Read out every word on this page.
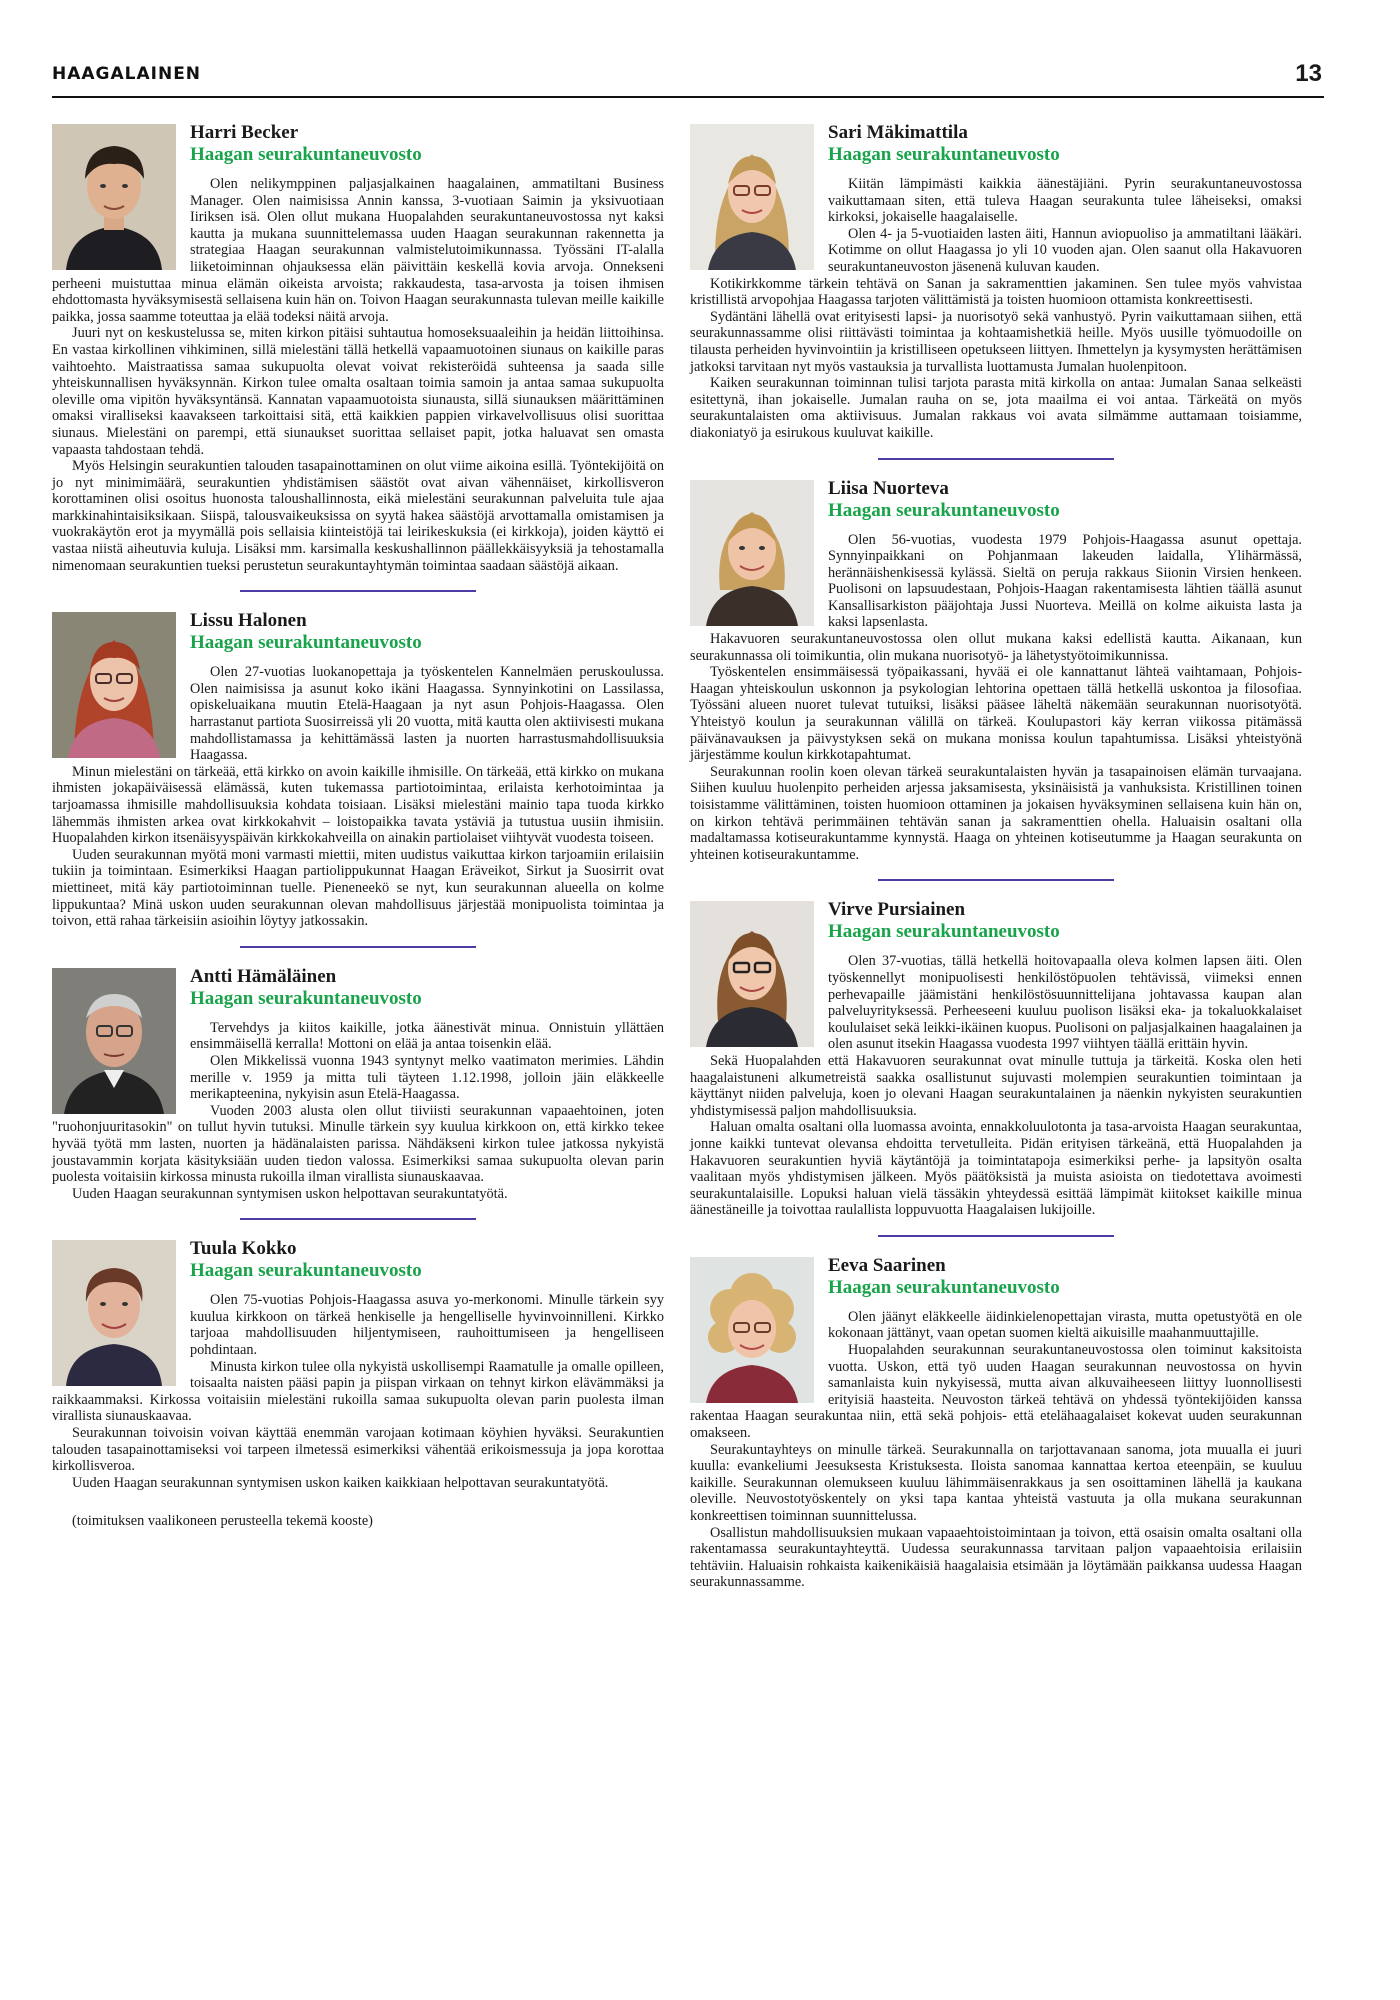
HAAGALAINEN	13
Harri Becker
Haagan seurakuntaneuvosto

Olen nelikymppinen paljasjalkainen haagalainen, ammatiltani Business Manager. Olen naimisissa Annin kanssa, 3-vuotiaan Saimin ja yksivuotiaan Iiriksen isä. Olen ollut mukana Huopalahden seurakuntaneuvostossa nyt kaksi kautta ja mukana suunnittelemassa uuden Haagan seurakunnan rakennetta ja strategiaa Haagan seurakunnan valmistelutoimikunnassa. Työssäni IT-alalla liiketoiminnan ohjauksessa elän päivittäin keskellä kovia arvoja. Onnekseni perheeni muistuttaa minua elämän oikeista arvoista; rakkaudesta, tasa-arvosta ja toisen ihmisen ehdottomasta hyväksymisestä sellaisena kuin hän on. Toivon Haagan seurakunnasta tulevan meille kaikille paikka, jossa saamme toteuttaa ja elää todeksi näitä arvoja.

Juuri nyt on keskustelussa se, miten kirkon pitäisi suhtautua homoseksuaaleihin ja heidän liittoihinsa. En vastaa kirkollinen vihkiminen, sillä mielestäni tällä hetkellä vapaamuotoinen siunaus on kaikille paras vaihtoehto. Maistraatissa samaa sukupuolta olevat voivat rekisteröidä suhteensa ja saada sille yhteiskunnallisen hyväksynnän. Kirkon tulee omalta osaltaan toimia samoin ja antaa samaa sukupuolta oleville oma vipitön hyväksyntänsä. Kannatan vapaamuotoista siunausta, sillä siunauksen määrittäminen omaksi viralliseksi kaavakseen tarkoittaisi sitä, että kaikkien pappien virkavelvollisuus olisi suorittaa siunaus. Mielestäni on parempi, että siunaukset suorittaa sellaiset papit, jotka haluavat sen omasta vapaasta tahdostaan tehdä.

Myös Helsingin seurakuntien talouden tasapainottaminen on olut viime aikoina esillä. Työntekijöitä on jo nyt minimimäärä, seurakuntien yhdistämisen säästöt ovat aivan vähennäiset, kirkollisveron korottaminen olisi osoitus huonosta taloushallinnosta, eikä mielestäni seurakunnan palveluita tule ajaa markkinahintaisiksikaan. Siispä, talousvaikeuksissa on syytä hakea säästöjä arvottamalla omistamisen ja vuokrakäytön erot ja myymällä pois sellaisia kiinteistöjä tai leirikeskuksia (ei kirkkoja), joiden käyttö ei vastaa niistä aiheutuvia kuluja. Lisäksi mm. karsimalla keskushallinnon päällekkäisyyksiä ja tehostamalla nimenomaan seurakuntien tueksi perustetun seurakuntayhtymän toimintaa saadaan säästöjä aikaan.

Lissu Halonen
Haagan seurakuntaneuvosto

Olen 27-vuotias luokanopettaja ja työskentelen Kannelmäen peruskoulussa. Olen naimisissa ja asunut koko ikäni Haagassa. Synnyinkotini on Lassilassa, opiskeluaikana muutin Etelä-Haagaan ja nyt asun Pohjois-Haagassa. Olen harrastanut partiota Suosirreissä yli 20 vuotta, mitä kautta olen aktiivisesti mukana mahdollistamassa ja kehittämässä lasten ja nuorten harrastusmahdollisuuksia Haagassa.

Minun mielestäni on tärkeää, että kirkko on avoin kaikille ihmisille. On tärkeää, että kirkko on mukana ihmisten jokapäiväisessä elämässä, kuten tukemassa partiotoimintaa, erilaista kerhotoimintaa ja tarjoamassa ihmisille mahdollisuuksia kohdata toisiaan. Lisäksi mielestäni mainio tapa tuoda kirkko lähemmäs ihmisten arkea ovat kirkkokahvit – loistopaikka tavata ystäviä ja tutustua uusiin ihmisiin. Huopalahden kirkon itsenäisyyspäivän kirkkokahveilla on ainakin partiolaiset viihtyvät vuodesta toiseen.

Uuden seurakunnan myötä moni varmasti miettii, miten uudistus vaikuttaa kirkon tarjoamiin erilaisiin tukiin ja toimintaan. Esimerkiksi Haagan partiolippukunnat Haagan Eräveikot, Sirkut ja Suosirrit ovat miettineet, mitä käy partiotoiminnan tuelle. Pieneneekö se nyt, kun seurakunnan alueella on kolme lippukuntaa? Minä uskon uuden seurakunnan olevan mahdollisuus järjestää monipuolista toimintaa ja toivon, että rahaa tärkeisiin asioihin löytyy jatkossakin.

Antti Hämäläinen
Haagan seurakuntaneuvosto

Tervehdys ja kiitos kaikille, jotka äänestivät minua. Onnistuin yllättäen ensimmäisellä kerralla! Mottoni on elää ja antaa toisenkin elää.

Olen Mikkelissä vuonna 1943 syntynyt melko vaatimaton merimies. Lähdin merille v. 1959 ja mitta tuli täyteen 1.12.1998, jolloin jäin eläkkeelle merikapteenina, nykyisin asun Etelä-Haagassa.

Vuoden 2003 alusta olen ollut tiiviisti seurakunnan vapaaehtoinen, joten "ruohonjuuritasokin" on tullut hyvin tutuksi. Minulle tärkein syy kuulua kirkkoon on, että kirkko tekee hyvää työtä mm lasten, nuorten ja hädänalaisten parissa. Nähdäkseni kirkon tulee jatkossa nykyistä joustavammin korjata käsityksiään uuden tiedon valossa. Esimerkiksi samaa sukupuolta olevan parin puolesta voitaisiin kirkossa minusta rukoilla ilman virallista siunauskaavaa.

Uuden Haagan seurakunnan syntymisen uskon helpottavan seurakuntatyötä.

Tuula Kokko
Haagan seurakuntaneuvosto

Olen 75-vuotias Pohjois-Haagassa asuva yo-merkonomi. Minulle tärkein syy kuulua kirkkoon on tärkeä henkiselle ja hengelliselle hyvinvoinnilleni. Kirkko tarjoaa mahdollisuuden hiljentymiseen, rauhoittumiseen ja hengelliseen pohdintaan.

Minusta kirkon tulee olla nykyistä uskollisempi Raamatulle ja omalle opilleen, toisaalta naisten pääsi papin ja piispan virkaan on tehnyt kirkon elävämmäksi ja raikkaammaksi. Kirkossa voitaisiin mielestäni rukoilla samaa sukupuolta olevan parin puolesta ilman virallista siunauskaavaa.

Seurakunnan toivoisin voivan käyttää enemmän varojaan kotimaan köyhien hyväksi. Seurakuntien talouden tasapainottamiseksi voi tarpeen ilmetessä esimerkiksi vähentää erikoismessuja ja jopa korottaa kirkollisveroa.

Uuden Haagan seurakunnan syntymisen uskon kaiken kaikkiaan helpottavan seurakuntatyötä.

(toimituksen vaalikoneen perusteella tekemä kooste)
Sari Mäkimattila
Haagan seurakuntaneuvosto

Kiitän lämpimästi kaikkia äänestäjiäni. Pyrin seurakuntaneuvostossa vaikuttamaan siten, että tuleva Haagan seurakunta tulee läheiseksi, omaksi kirkoksi, jokaiselle haagalaiselle.

Olen 4- ja 5-vuotiaiden lasten äiti, Hannun aviopuoliso ja ammatiltani lääkäri. Kotimme on ollut Haagassa jo yli 10 vuoden ajan. Olen saanut olla Hakavuoren seurakuntaneuvoston jäsenenä kuluvan kauden.

Kotikirkkomme tärkein tehtävä on Sanan ja sakramenttien jakaminen. Sen tulee myös vahvistaa kristillistä arvopohjaa Haagassa tarjoten välittämistä ja toisten huomioon ottamista konkreettisesti.

Sydäntäni lähellä ovat erityisesti lapsi- ja nuorisotyö sekä vanhustyö. Pyrin vaikuttamaan siihen, että seurakunnassamme olisi riittävästi toimintaa ja kohtaamishetkiä heille. Myös uusille työmuodoille on tilausta perheiden hyvinvointiin ja kristilliseen opetukseen liittyen. Ihmettelyn ja kysymysten herättämisen jatkoksi tarvitaan nyt myös vastauksia ja turvallista luottamusta Jumalan huolenpitoon.

Kaiken seurakunnan toiminnan tulisi tarjota parasta mitä kirkolla on antaa: Jumalan Sanaa selkeästi esitettynä, ihan jokaiselle. Jumalan rauha on se, jota maailma ei voi antaa. Tärkeätä on myös seurakuntalaisten oma aktiivisuus. Jumalan rakkaus voi avata silmämme auttamaan toisiamme, diakoniatyö ja esirukous kuuluvat kaikille.

Liisa Nuorteva
Haagan seurakuntaneuvosto

Olen 56-vuotias, vuodesta 1979 Pohjois-Haagassa asunut opettaja. Synnyinpaikkani on Pohjanmaan lakeuden laidalla, Ylihärmässä, herännäishenkisessä kylässä. Sieltä on peruja rakkaus Siionin Virsien henkeen. Puolisoni on lapsuudestaan, Pohjois-Haagan rakentamisesta lähtien täällä asunut Kansallisarkiston pääjohtaja Jussi Nuorteva. Meillä on kolme aikuista lasta ja kaksi lapsenlasta.

Hakavuoren seurakuntaneuvostossa olen ollut mukana kaksi edellistä kautta. Aikanaan, kun seurakunnassa oli toimikuntia, olin mukana nuorisotyö- ja lähetystyötoimikunnissa.

Työskentelen ensimmäisessä työpaikassani, hyvää ei ole kannattanut lähteä vaihtamaan, Pohjois-Haagan yhteiskoulun uskonnon ja psykologian lehtorina opettaen tällä hetkellä uskontoa ja filosofiaa. Työssäni alueen nuoret tulevat tutuiksi, lisäksi pääsee läheltä näkemään seurakunnan nuorisotyötä. Yhteistyö koulun ja seurakunnan välillä on tärkeä. Koulupastori käy kerran viikossa pitämässä päivänavauksen ja päivystyksen sekä on mukana monissa koulun tapahtumissa. Lisäksi yhteistyönä järjestämme koulun kirkkotapahtumat.

Seurakunnan roolin koen olevan tärkeä seurakuntalaisten hyvän ja tasapainoisen elämän turvaajana. Siihen kuuluu huolenpito perheiden arjessa jaksamisesta, yksinäisistä ja vanhuksista. Kristillinen toinen toisistamme välittäminen, toisten huomioon ottaminen ja jokaisen hyväksyminen sellaisena kuin hän on, on kirkon tehtävä perimmäinen tehtävän sanan ja sakramenttien ohella. Haluaisin osaltani olla madaltamassa kotiseurakuntamme kynnystä. Haaga on yhteinen kotiseutumme ja Haagan seurakunta on yhteinen kotiseurakuntamme.

Virve Pursiainen
Haagan seurakuntaneuvosto

Olen 37-vuotias, tällä hetkellä hoitovapaalla oleva kolmen lapsen äiti. Olen työskennellyt monipuolisesti henkilöstöpuolen tehtävissä, viimeksi ennen perhevapaille jäämistäni henkilöstösuunnittelijana johtavassa kaupan alan palveluyrityksessä. Perheeseeni kuuluu puolison lisäksi eka- ja tokaluokkalaiset koululaiset sekä leikki-ikäinen kuopus. Puolisoni on paljasjalkainen haagalainen ja olen asunut itsekin Haagassa vuodesta 1997 viihtyen täällä erittäin hyvin.

Sekä Huopalahden että Hakavuoren seurakunnat ovat minulle tuttuja ja tärkeitä. Koska olen heti haagalaistuneni alkumetreistä saakka osallistunut sujuvasti molempien seurakuntien toimintaan ja käyttänyt niiden palveluja, koen jo olevani Haagan seurakuntalainen ja näenkin nykyisten seurakuntien yhdistymisessä paljon mahdollisuuksia.

Haluan omalta osaltani olla luomassa avointa, ennakkoluulotonta ja tasa-arvoista Haagan seurakuntaa, jonne kaikki tuntevat olevansa ehdoitta tervetulleita. Pidän erityisen tärkeänä, että Huopalahden ja Hakavuoren seurakuntien hyviä käytäntöjä ja toimintatapoja esimerkiksi perhe- ja lapsityön osalta vaalitaan myös yhdistymisen jälkeen. Myös päätöksistä ja muista asioista on tiedotettava avoimesti seurakuntalaisille. Lopuksi haluan vielä tässäkin yhteydessä esittää lämpimät kiitokset kaikille minua äänestäneille ja toivottaa raulallista loppuvuotta Haagalaisen lukijoille.

Eeva Saarinen
Haagan seurakuntaneuvosto

Olen jäänyt eläkkeelle äidinkielenopettajan virasta, mutta opetustyötä en ole kokonaan jättänyt, vaan opetan suomen kieltä aikuisille maahanmuuttajille.

Huopalahden seurakunnan seurakuntaneuvostossa olen toiminut kaksitoista vuotta. Uskon, että työ uuden Haagan seurakunnan neuvostossa on hyvin samanlaista kuin nykyisessä, mutta aivan alkuvaiheeseen liittyy luonnollisesti erityisiä haasteita. Neuvoston tärkeä tehtävä on yhdessä työntekijöiden kanssa rakentaa Haagan seurakuntaa niin, että sekä pohjois- että etelähaagalaiset kokevat uuden seurakunnan omakseen.

Seurakuntayhteys on minulle tärkeä. Seurakunnalla on tarjottavanaan sanoma, jota muualla ei juuri kuulla: evankeliumi Jeesuksesta Kristuksesta. Iloista sanomaa kannattaa kertoa eteenpäin, se kuuluu kaikille. Seurakunnan olemukseen kuuluu lähimmäisenrakkaus ja sen osoittaminen lähellä ja kaukana oleville. Neuvostotyöskentely on yksi tapa kantaa yhteistä vastuuta ja olla mukana seurakunnan konkreettisen toiminnan suunnittelussa.

Osallistun mahdollisuuksien mukaan vapaaehtoistoimintaan ja toivon, että osaisin omalta osaltani olla rakentamassa seurakuntayhteyttä. Uudessa seurakunnassa tarvitaan paljon vapaaehtoisia erilaisiin tehtäviin. Haluaisin rohkaista kaikenikäisiä haagalaisia etsimään ja löytämään paikkansa uudessa Haagan seurakunnassamme.
